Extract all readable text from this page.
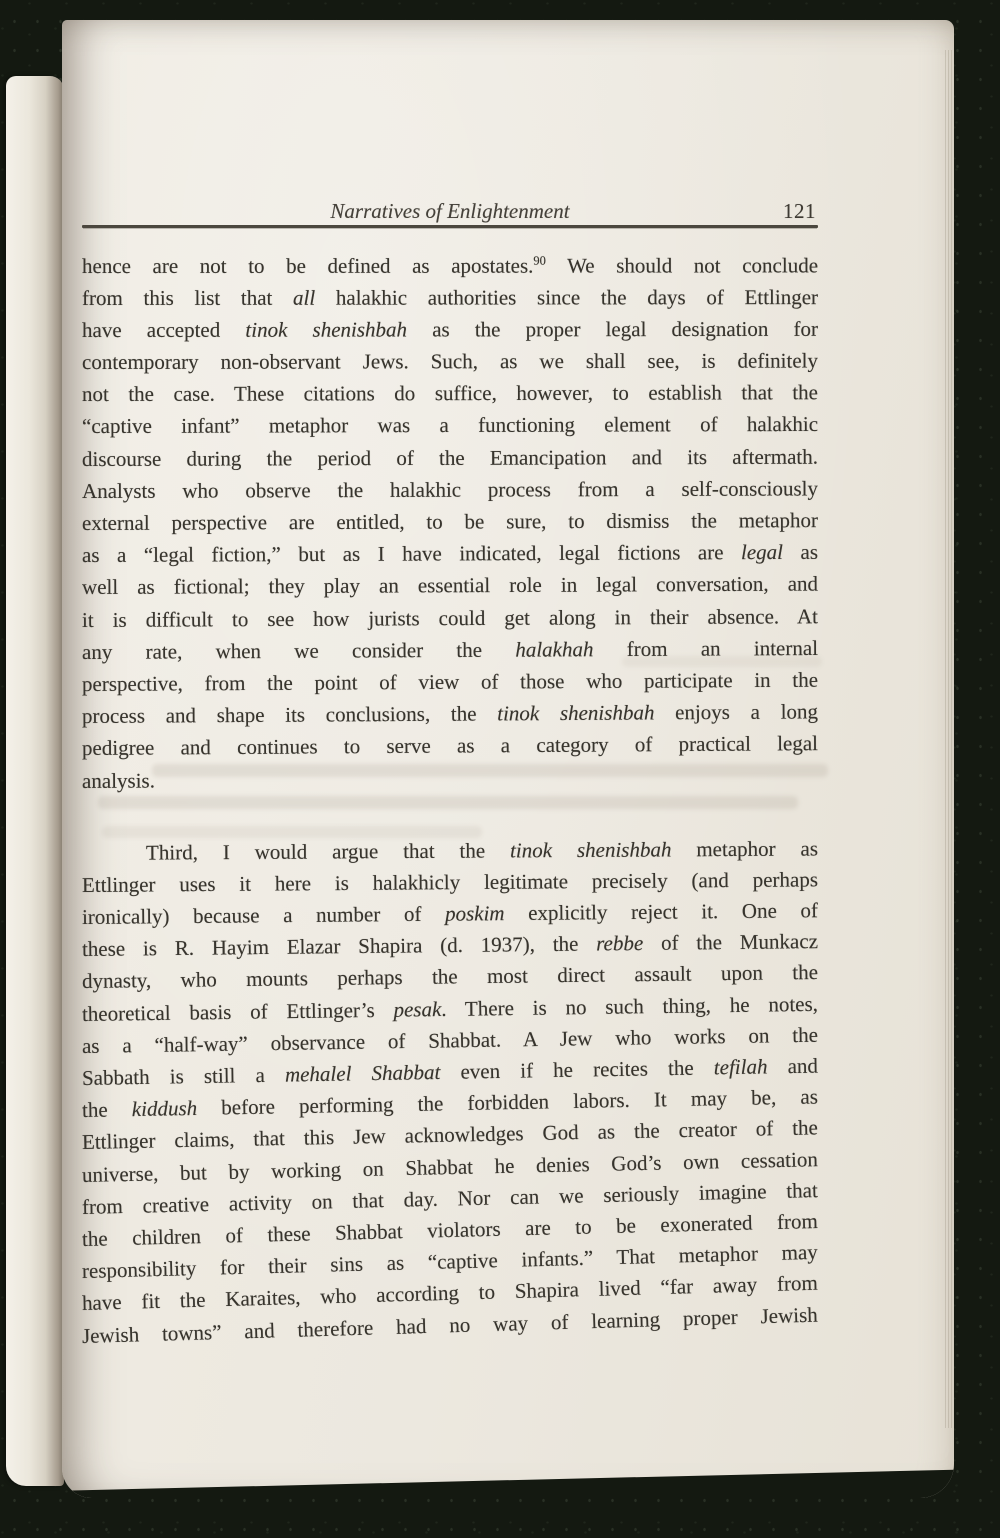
Narratives of Enlightenment	121
hence are not to be defined as apostates.$^{90}$ We should not conclude
from this list that all halakhic authorities since the days of Ettlinger
have accepted tinok shenishbah as the proper legal designation for
contemporary non-observant Jews. Such, as we shall see, is definitely
not the case. These citations do suffice, however, to establish that the
“captive infant” metaphor was a functioning element of halakhic
discourse during the period of the Emancipation and its aftermath.
Analysts who observe the halakhic process from a self-consciously
external perspective are entitled, to be sure, to dismiss the metaphor
as a “legal fiction,” but as I have indicated, legal fictions are legal as
well as fictional; they play an essential role in legal conversation, and
it is difficult to see how jurists could get along in their absence. At
any rate, when we consider the halakhah from an internal
perspective, from the point of view of those who participate in the
process and shape its conclusions, the tinok shenishbah enjoys a long
pedigree and continues to serve as a category of practical legal
analysis.
Third, I would argue that the tinok shenishbah metaphor as
Ettlinger uses it here is halakhicly legitimate precisely (and perhaps
ironically) because a number of poskim explicitly reject it. One of
these is R. Hayim Elazar Shapira (d. 1937), the rebbe of the Munkacz
dynasty, who mounts perhaps the most direct assault upon the
theoretical basis of Ettlinger’s pesak. There is no such thing, he notes,
as a “half-way” observance of Shabbat. A Jew who works on the
Sabbath is still a mehalel Shabbat even if he recites the tefilah and
the kiddush before performing the forbidden labors. It may be, as
Ettlinger claims, that this Jew acknowledges God as the creator of the
universe, but by working on Shabbat he denies God’s own cessation
from creative activity on that day. Nor can we seriously imagine that
the children of these Shabbat violators are to be exonerated from
responsibility for their sins as “captive infants.” That metaphor may
have fit the Karaites, who according to Shapira lived “far away from
Jewish towns” and therefore had no way of learning proper Jewish
